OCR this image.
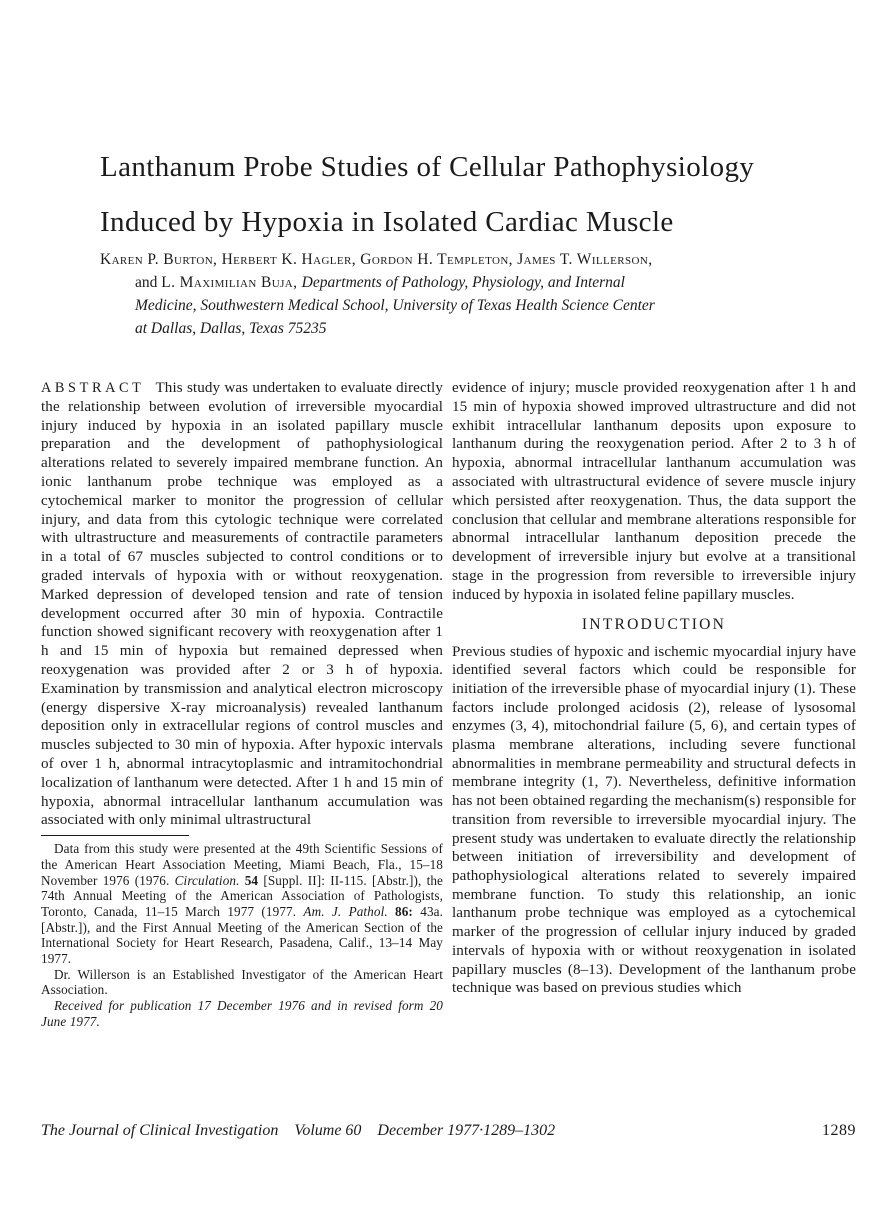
Lanthanum Probe Studies of Cellular Pathophysiology
Induced by Hypoxia in Isolated Cardiac Muscle

Karen P. Burton, Herbert K. Hagler, Gordon H. Templeton, James T. Willerson, and L. Maximilian Buja, Departments of Pathology, Physiology, and Internal Medicine, Southwestern Medical School, University of Texas Health Science Center at Dallas, Dallas, Texas 75235

ABSTRACT This study was undertaken to evaluate directly the relationship between evolution of irreversible myocardial injury induced by hypoxia in an isolated papillary muscle preparation and the development of pathophysiological alterations related to severely impaired membrane function. An ionic lanthanum probe technique was employed as a cytochemical marker to monitor the progression of cellular injury, and data from this cytologic technique were correlated with ultrastructure and measurements of contractile parameters in a total of 67 muscles subjected to control conditions or to graded intervals of hypoxia with or without reoxygenation. Marked depression of developed tension and rate of tension development occurred after 30 min of hypoxia. Contractile function showed significant recovery with reoxygenation after 1 h and 15 min of hypoxia but remained depressed when reoxygenation was provided after 2 or 3 h of hypoxia. Examination by transmission and analytical electron microscopy (energy dispersive X-ray microanalysis) revealed lanthanum deposition only in extracellular regions of control muscles and muscles subjected to 30 min of hypoxia. After hypoxic intervals of over 1 h, abnormal intracytoplasmic and intramitochondrial localization of lanthanum were detected. After 1 h and 15 min of hypoxia, abnormal intracellular lanthanum accumulation was associated with only minimal ultrastructural

Data from this study were presented at the 49th Scientific Sessions of the American Heart Association Meeting, Miami Beach, Fla., 15–18 November 1976 (1976. Circulation. 54 [Suppl. II]: II-115. [Abstr.]), the 74th Annual Meeting of the American Association of Pathologists, Toronto, Canada, 11–15 March 1977 (1977. Am. J. Pathol. 86: 43a. [Abstr.]), and the First Annual Meeting of the American Section of the International Society for Heart Research, Pasadena, Calif., 13–14 May 1977.

Dr. Willerson is an Established Investigator of the American Heart Association.

Received for publication 17 December 1976 and in revised form 20 June 1977.

evidence of injury; muscle provided reoxygenation after 1 h and 15 min of hypoxia showed improved ultrastructure and did not exhibit intracellular lanthanum deposits upon exposure to lanthanum during the reoxygenation period. After 2 to 3 h of hypoxia, abnormal intracellular lanthanum accumulation was associated with ultrastructural evidence of severe muscle injury which persisted after reoxygenation. Thus, the data support the conclusion that cellular and membrane alterations responsible for abnormal intracellular lanthanum deposition precede the development of irreversible injury but evolve at a transitional stage in the progression from reversible to irreversible injury induced by hypoxia in isolated feline papillary muscles.

INTRODUCTION

Previous studies of hypoxic and ischemic myocardial injury have identified several factors which could be responsible for initiation of the irreversible phase of myocardial injury (1). These factors include prolonged acidosis (2), release of lysosomal enzymes (3, 4), mitochondrial failure (5, 6), and certain types of plasma membrane alterations, including severe functional abnormalities in membrane permeability and structural defects in membrane integrity (1, 7). Nevertheless, definitive information has not been obtained regarding the mechanism(s) responsible for transition from reversible to irreversible myocardial injury. The present study was undertaken to evaluate directly the relationship between initiation of irreversibility and development of pathophysiological alterations related to severely impaired membrane function. To study this relationship, an ionic lanthanum probe technique was employed as a cytochemical marker of the progression of cellular injury induced by graded intervals of hypoxia with or without reoxygenation in isolated papillary muscles (8–13). Development of the lanthanum probe technique was based on previous studies which

The Journal of Clinical Investigation Volume 60 December 1977·1289–1302	1289
